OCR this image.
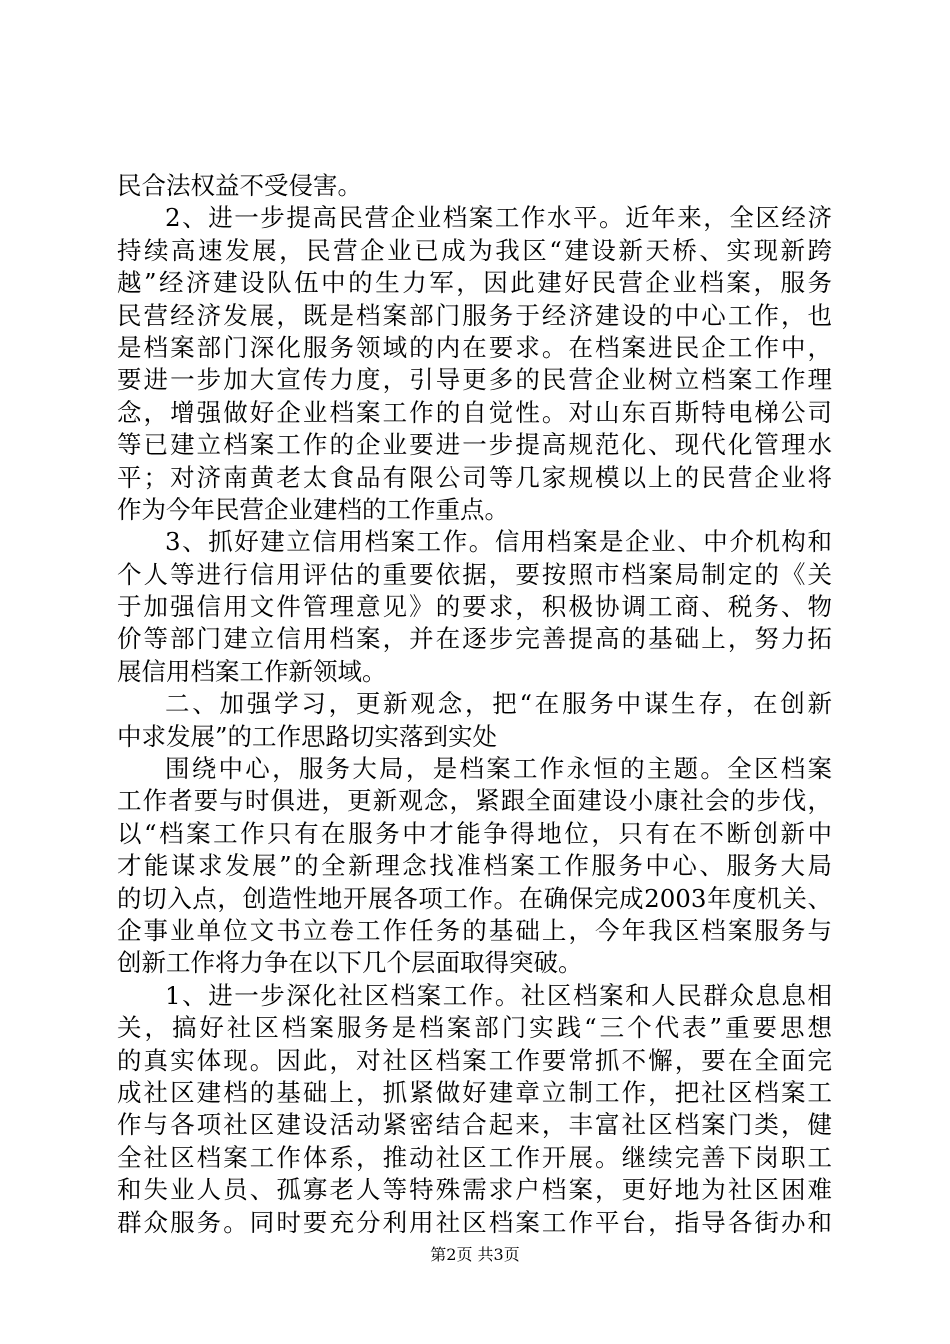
民合法权益不受侵害。
2、进一步提高民营企业档案工作水平。近年来，全区经济
持续高速发展，民营企业已成为我区“建设新天桥、实现新跨
越”经济建设队伍中的生力军，因此建好民营企业档案，服务
民营经济发展，既是档案部门服务于经济建设的中心工作，也
是档案部门深化服务领域的内在要求。在档案进民企工作中，
要进一步加大宣传力度，引导更多的民营企业树立档案工作理
念，增强做好企业档案工作的自觉性。对山东百斯特电梯公司
等已建立档案工作的企业要进一步提高规范化、现代化管理水
平；对济南黄老太食品有限公司等几家规模以上的民营企业将
作为今年民营企业建档的工作重点。
3、抓好建立信用档案工作。信用档案是企业、中介机构和
个人等进行信用评估的重要依据，要按照市档案局制定的《关
于加强信用文件管理意见》的要求，积极协调工商、税务、物
价等部门建立信用档案，并在逐步完善提高的基础上，努力拓
展信用档案工作新领域。
二、加强学习，更新观念，把“在服务中谋生存，在创新
中求发展”的工作思路切实落到实处
围绕中心，服务大局，是档案工作永恒的主题。全区档案
工作者要与时俱进，更新观念，紧跟全面建设小康社会的步伐，
以“档案工作只有在服务中才能争得地位，只有在不断创新中
才能谋求发展”的全新理念找准档案工作服务中心、服务大局
的切入点，创造性地开展各项工作。在确保完成2003年度机关、
企事业单位文书立卷工作任务的基础上，今年我区档案服务与
创新工作将力争在以下几个层面取得突破。
1、进一步深化社区档案工作。社区档案和人民群众息息相
关，搞好社区档案服务是档案部门实践“三个代表”重要思想
的真实体现。因此，对社区档案工作要常抓不懈，要在全面完
成社区建档的基础上，抓紧做好建章立制工作，把社区档案工
作与各项社区建设活动紧密结合起来，丰富社区档案门类，健
全社区档案工作体系，推动社区工作开展。继续完善下岗职工
和失业人员、孤寡老人等特殊需求户档案，更好地为社区困难
群众服务。同时要充分利用社区档案工作平台，指导各街办和
第2页 共3页
